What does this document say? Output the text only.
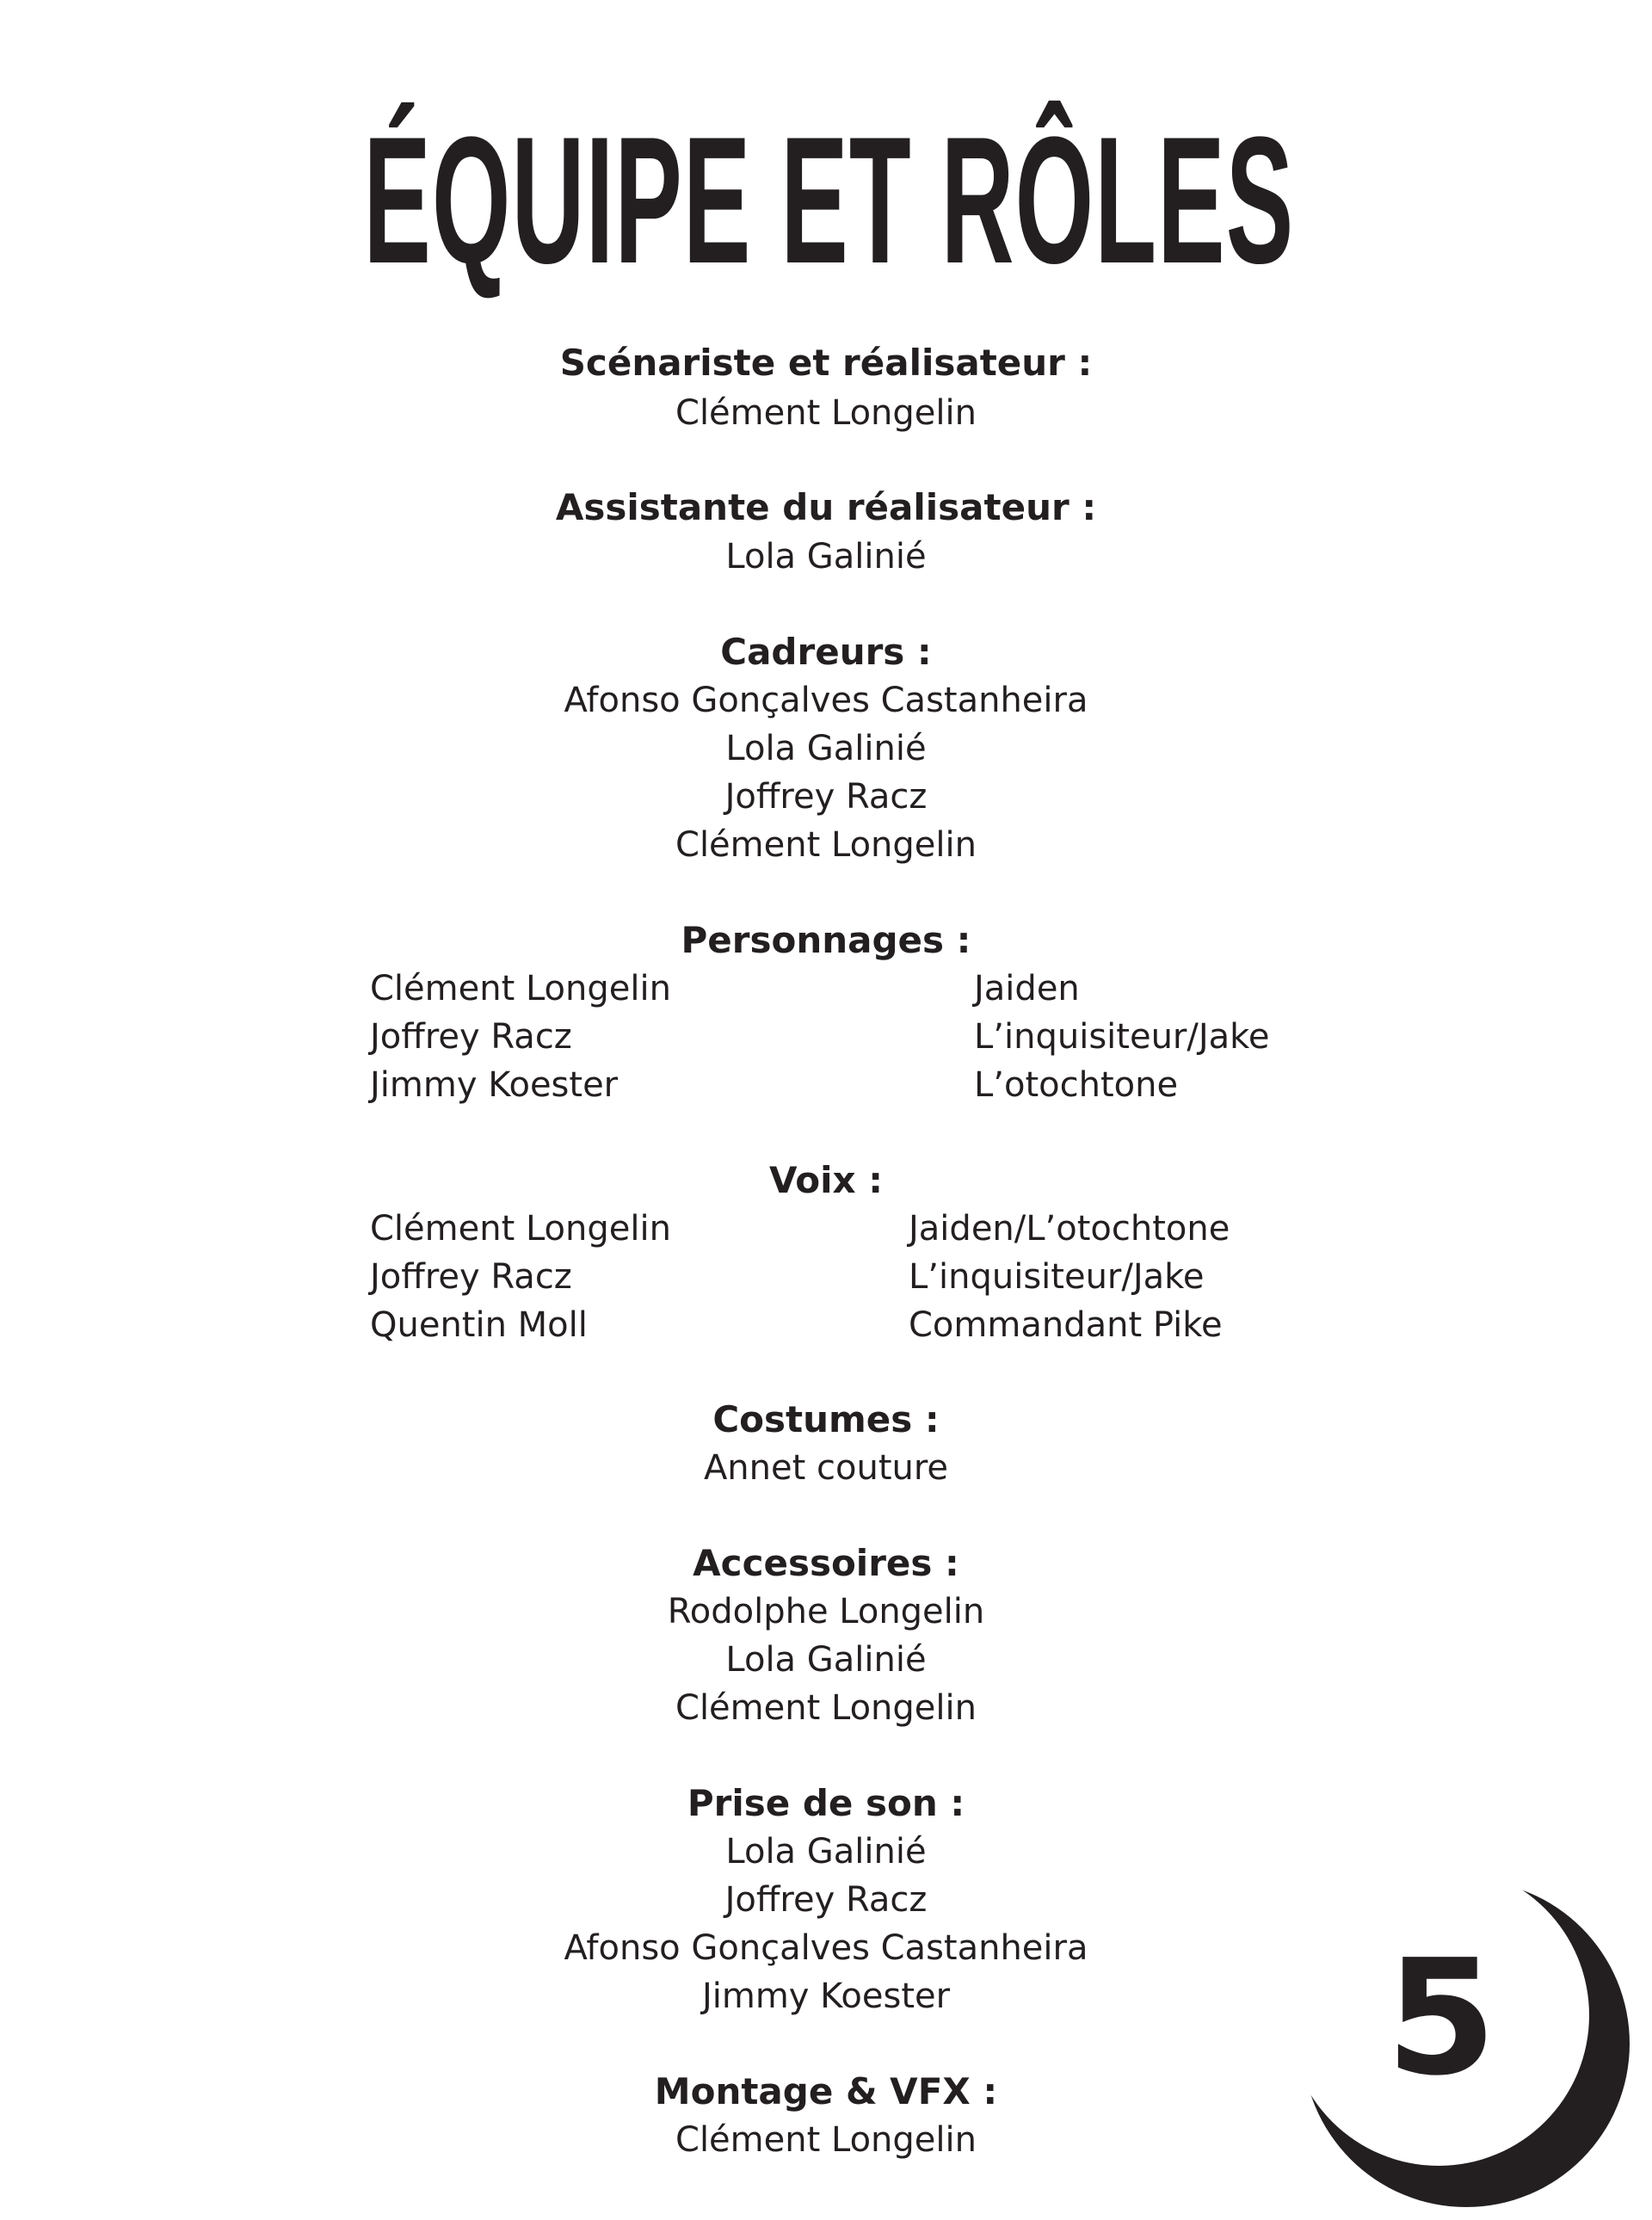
ÉQUIPE ET RÔLES
Scénariste et réalisateur :
Clément Longelin
Assistante du réalisateur :
Lola Galinié
Cadreurs :
Afonso Gonçalves Castanheira
Lola Galinié
Joffrey Racz
Clément Longelin
Personnages :
Clément Longelin
Joffrey Racz
Jimmy Koester
Jaiden
L’inquisiteur/Jake
L’otochtone
Voix :
Clément Longelin
Joffrey Racz
Quentin Moll
Jaiden/L’otochtone
L’inquisiteur/Jake
Commandant Pike
Costumes :
Annet couture
Accessoires :
Rodolphe Longelin
Lola Galinié
Clément Longelin
Prise de son :
Lola Galinié
Joffrey Racz
Afonso Gonçalves Castanheira
Jimmy Koester
Montage & VFX :
Clément Longelin
5
